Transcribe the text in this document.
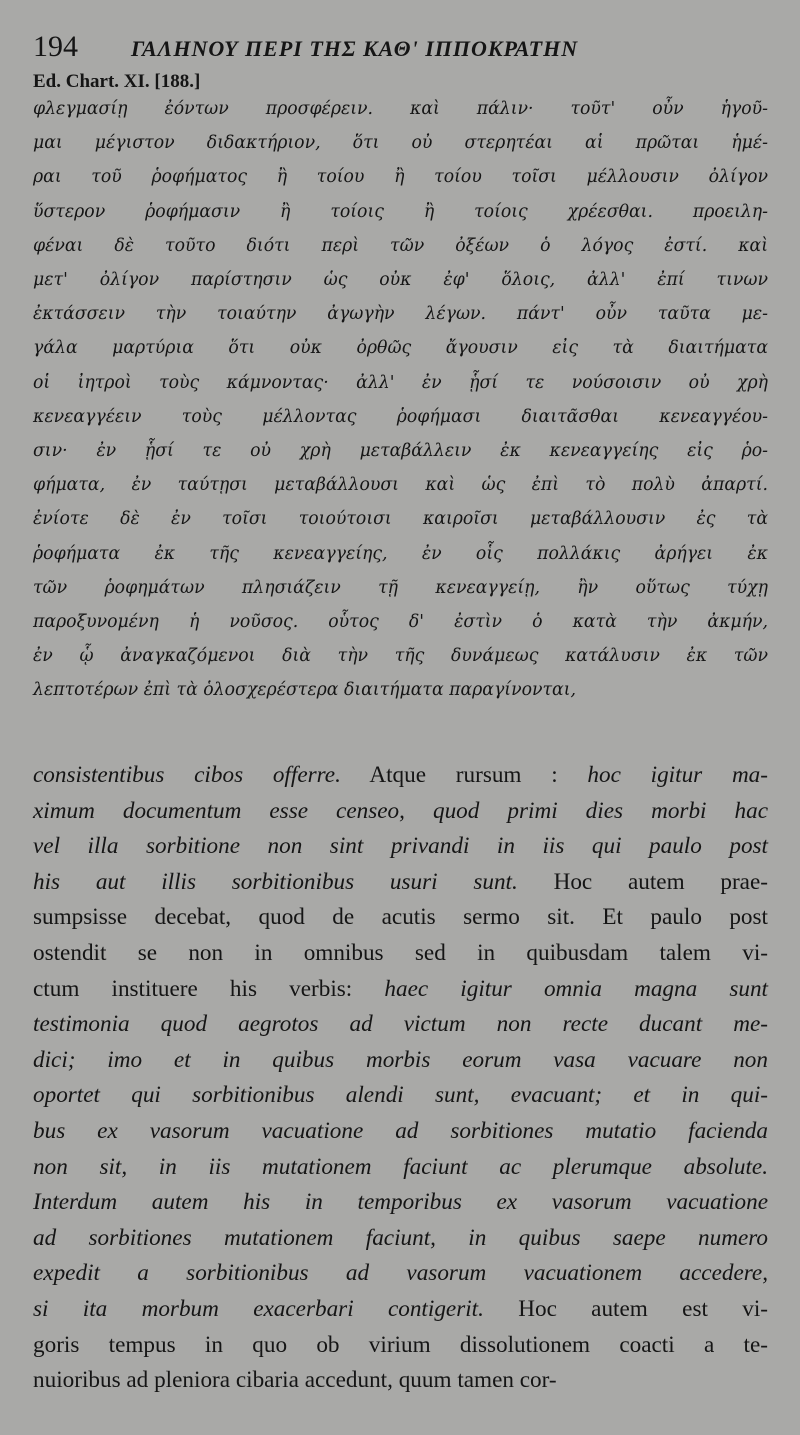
194 ΓΑΛΗΝΟΥ ΠΕΡΙ ΤΗΣ ΚΑΘ' ΙΠΠΟΚΡΑΤΗΝ
Ed. Chart. XI. [188.]
φλεγμασίῃ ἐόντων προσφέρειν. καὶ πάλιν· τοῦτ' οὖν ἡγοῦ-
μαι μέγιστον διδακτήριον, ὅτι οὐ στερητέαι αἱ πρῶται ἡμέ-
ραι τοῦ ῥοφήματος ἢ τοίου ἢ τοίου τοῖσι μέλλουσιν ὀλίγον
ὕστερον ῥοφήμασιν ἢ τοίοις ἢ τοίοις χρέεσθαι. προειλη-
φέναι δὲ τοῦτο διότι περὶ τῶν ὀξέων ὁ λόγος ἐστί. καὶ
μετ' ὀλίγον παρίστησιν ὡς οὐκ ἐφ' ὅλοις, ἀλλ' ἐπί τινων
ἐκτάσσειν τὴν τοιαύτην ἀγωγὴν λέγων. πάντ' οὖν ταῦτα με-
γάλα μαρτύρια ὅτι οὐκ ὀρθῶς ἄγουσιν εἰς τὰ διαιτήματα
οἱ ἰητροὶ τοὺς κάμνοντας· ἀλλ' ἐν ᾗσί τε νούσοισιν οὐ χρὴ
κενεαγγέειν τοὺς μέλλοντας ῥοφήμασι διαιτᾶσθαι κενεαγγέου-
σιν· ἐν ᾗσί τε οὐ χρὴ μεταβάλλειν ἐκ κενεαγγείης εἰς ῥο-
φήματα, ἐν ταύτῃσι μεταβάλλουσι καὶ ὡς ἐπὶ τὸ πολὺ ἀπαρτί.
ἐνίοτε δὲ ἐν τοῖσι τοιούτοισι καιροῖσι μεταβάλλουσιν ἐς τὰ
ῥοφήματα ἐκ τῆς κενεαγγείης, ἐν οἷς πολλάκις ἀρήγει ἐκ
τῶν ῥοφημάτων πλησιάζειν τῇ κενεαγγείῃ, ἢν οὕτως τύχῃ
παροξυνομένη ἡ νοῦσος. οὗτος δ' ἐστὶν ὁ κατὰ τὴν ἀκμήν,
ἐν ᾧ ἀναγκαζόμενοι διὰ τὴν τῆς δυνάμεως κατάλυσιν ἐκ τῶν
λεπτοτέρων ἐπὶ τὰ ὁλοσχερέστερα διαιτήματα παραγίνονται,
consistentibus cibos offerre. Atque rursum : hoc igitur ma-
ximum documentum esse censeo, quod primi dies morbi hac
vel illa sorbitione non sint privandi in iis qui paulo post
his aut illis sorbitionibus usuri sunt. Hoc autem prae-
sumpsisse decebat, quod de acutis sermo sit. Et paulo post
ostendit se non in omnibus sed in quibusdam talem vi-
ctum instituere his verbis: haec igitur omnia magna sunt
testimonia quod aegrotos ad victum non recte ducant me-
dici; imo et in quibus morbis eorum vasa vacuare non
oportet qui sorbitionibus alendi sunt, evacuant; et in qui-
bus ex vasorum vacuatione ad sorbitiones mutatio facienda
non sit, in iis mutationem faciunt ac plerumque absolute.
Interdum autem his in temporibus ex vasorum vacuatione
ad sorbitiones mutationem faciunt, in quibus saepe numero
expedit a sorbitionibus ad vasorum vacuationem accedere,
si ita morbum exacerbari contigerit. Hoc autem est vi-
goris tempus in quo ob virium dissolutionem coacti a te-
nuioribus ad pleniora cibaria accedunt, quum tamen cor-
